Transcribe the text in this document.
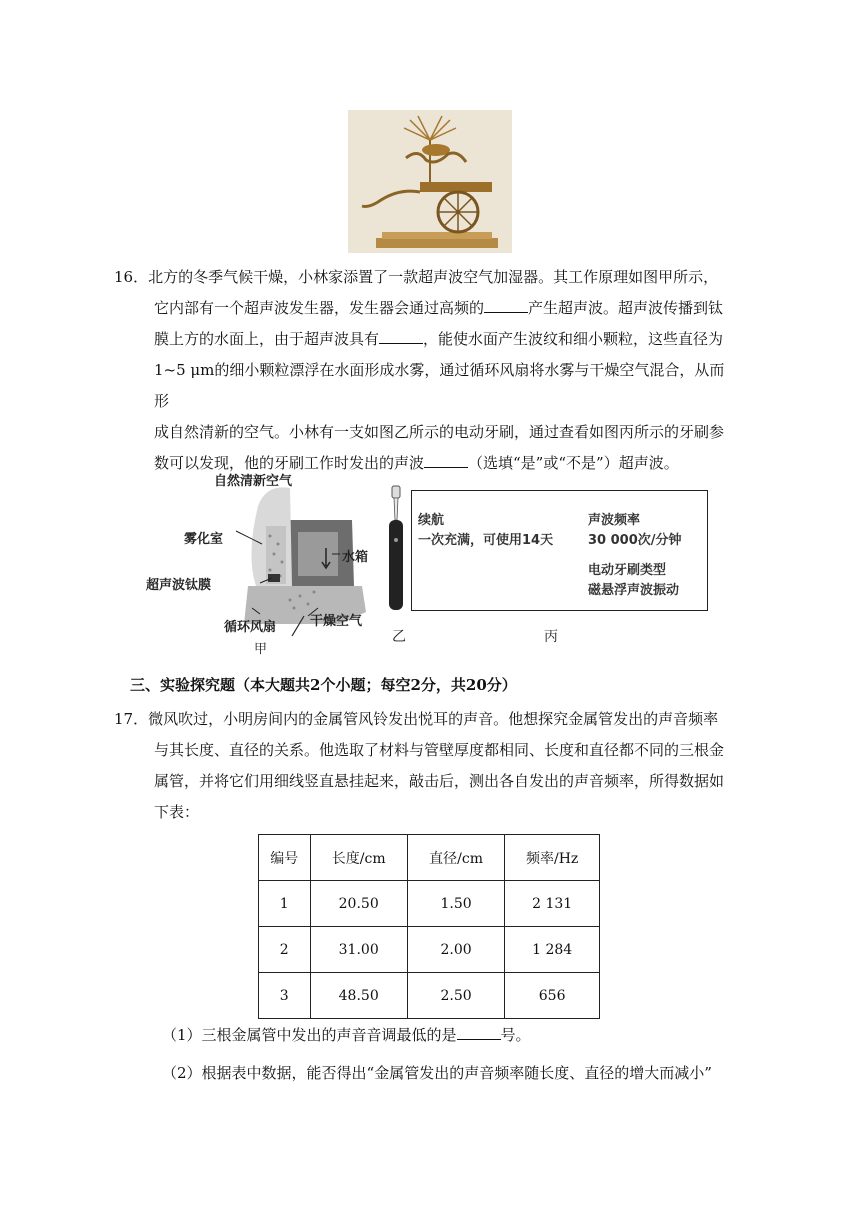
16．北方的冬季气候干燥，小林家添置了一款超声波空气加湿器。其工作原理如图甲所示，

它内部有一个超声波发生器，发生器会通过高频的	产生超声波。超声波传播到钛

膜上方的水面上，由于超声波具有	，能使水面产生波纹和细小颗粒，这些直径为

1~5 μm的细小颗粒漂浮在水面形成水雾，通过循环风扇将水雾与干燥空气混合，从而形

成自然清新的空气。小林有一支如图乙所示的电动牙刷，通过查看如图丙所示的牙刷参

数可以发现，他的牙刷工作时发出的声波	（选填“是”或“不是”）超声波。

自然清新空气
雾化室
水箱
超声波钛膜
干燥空气
循环风扇
甲
乙
续航
一次充满，可使用14天
声波频率
30 000次/分钟
电动牙刷类型
磁悬浮声波振动
丙
三、实验探究题（本大题共2个小题；每空2分，共20分）

17．微风吹过，小明房间内的金属管风铃发出悦耳的声音。他想探究金属管发出的声音频率

与其长度、直径的关系。他选取了材料与管壁厚度都相同、长度和直径都不同的三根金

属管，并将它们用细线竖直悬挂起来，敲击后，测出各自发出的声音频率，所得数据如

下表：

编号	长度/cm	直径/cm	频率/Hz
1	20.50	1.50	2 131
2	31.00	2.00	1 284
3	48.50	2.50	656
（1）三根金属管中发出的声音音调最低的是	号。
（2）根据表中数据，能否得出“金属管发出的声音频率随长度、直径的增大而减小”
